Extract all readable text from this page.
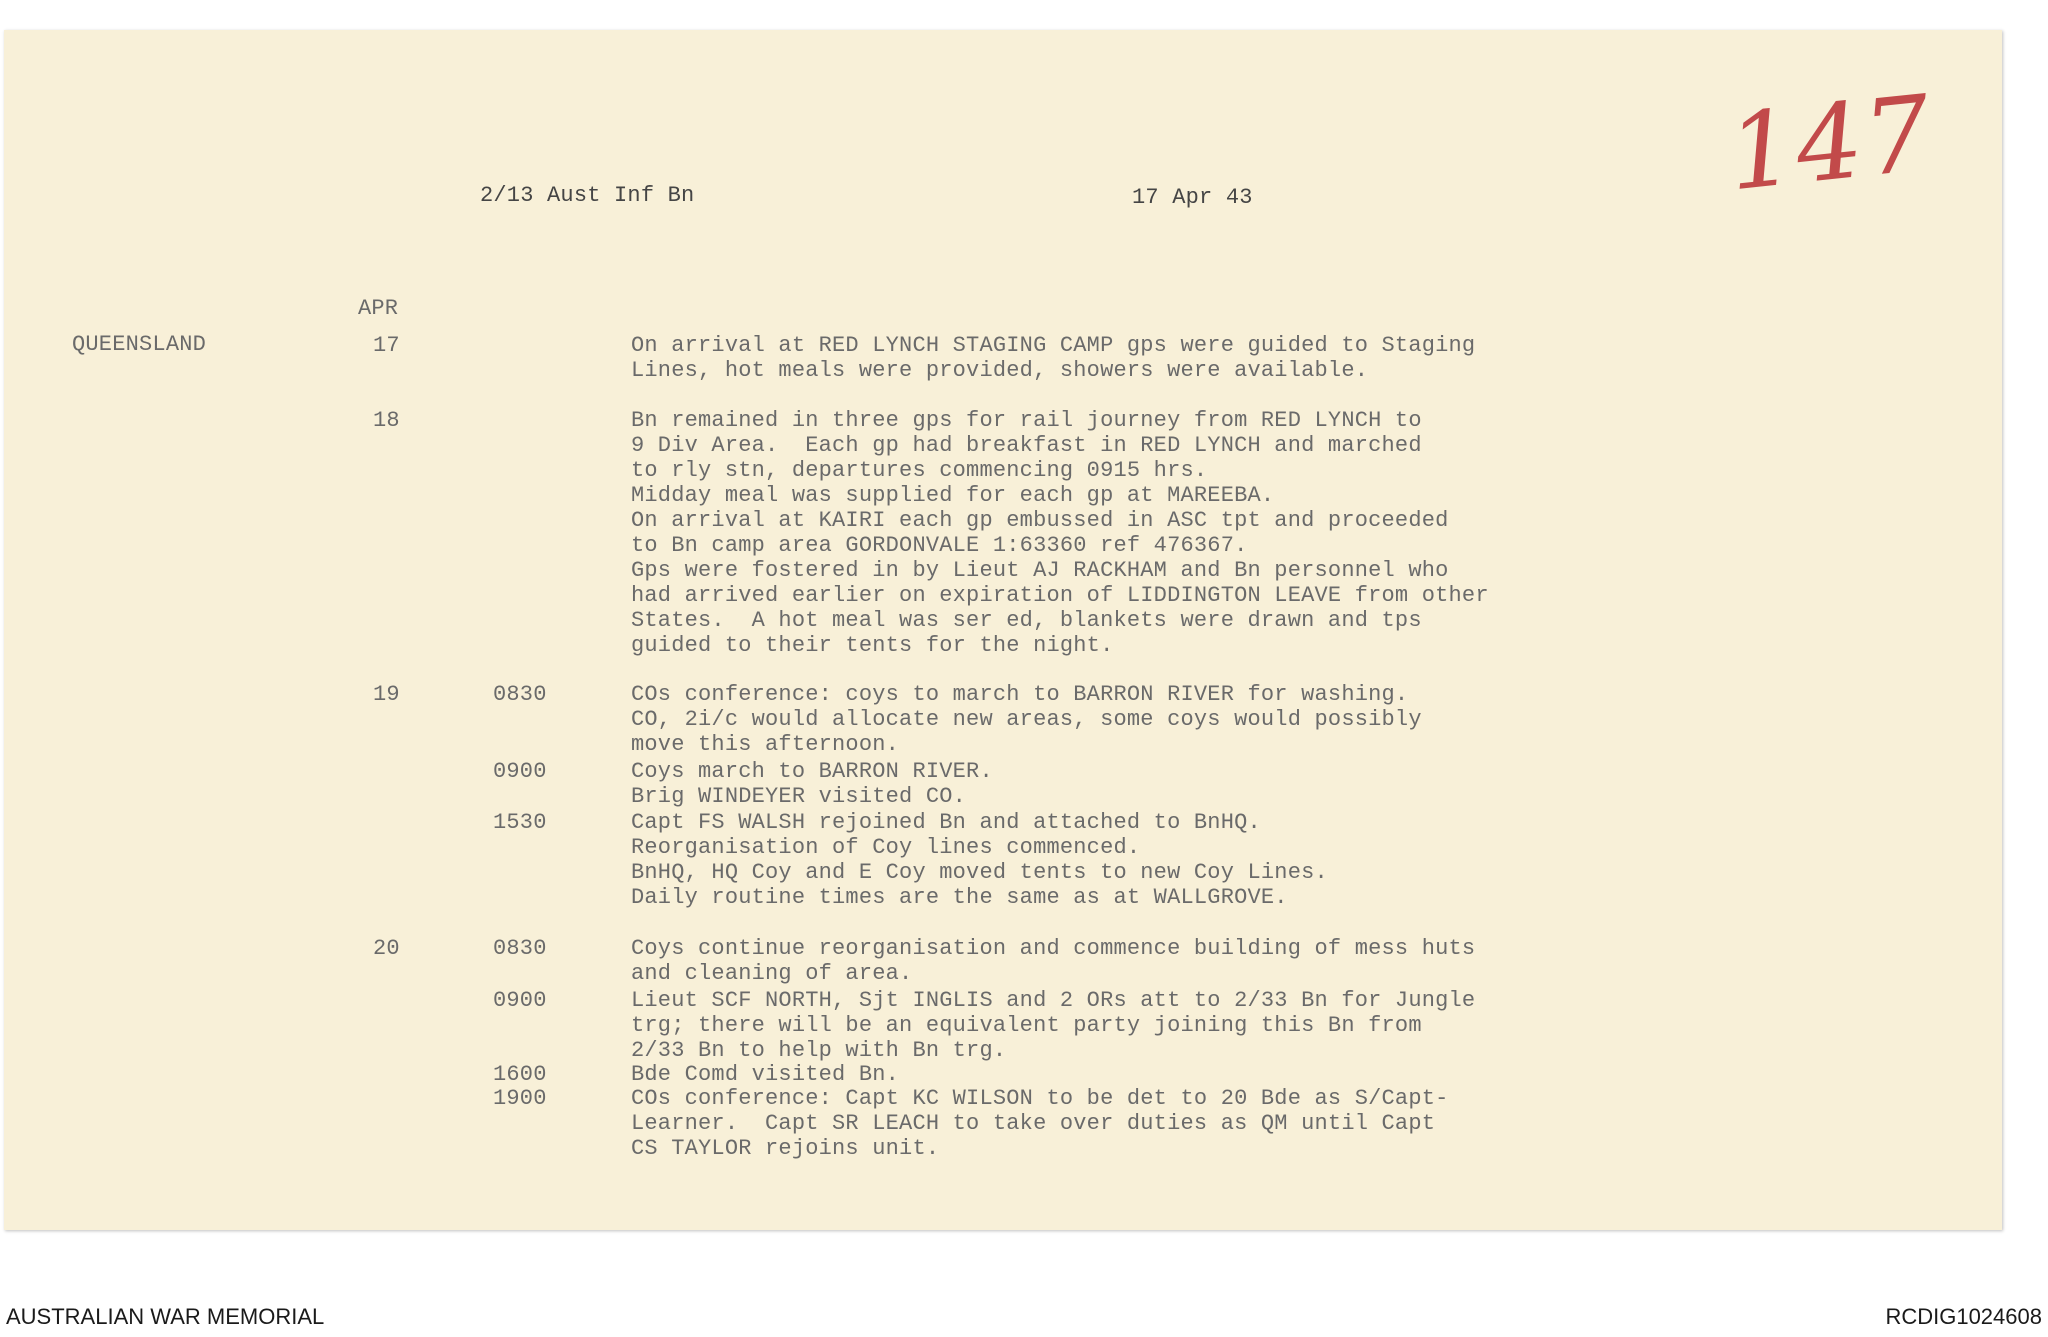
2/13 Aust Inf Bn	17 Apr 43	147
APR
QUEENSLAND	17	On arrival at RED LYNCH STAGING CAMP gps were guided to Staging
Lines, hot meals were provided, showers were available.
18	Bn remained in three gps for rail journey from RED LYNCH to
9 Div Area.  Each gp had breakfast in RED LYNCH and marched
to rly stn, departures commencing 0915 hrs.
Midday meal was supplied for each gp at MAREEBA.
On arrival at KAIRI each gp embussed in ASC tpt and proceeded
to Bn camp area GORDONVALE 1:63360 ref 476367.
Gps were fostered in by Lieut AJ RACKHAM and Bn personnel who
had arrived earlier on expiration of LIDDINGTON LEAVE from other
States.  A hot meal was ser ed, blankets were drawn and tps
guided to their tents for the night.
19	0830	COs conference: coys to march to BARRON RIVER for washing.
CO, 2i/c would allocate new areas, some coys would possibly
move this afternoon.
0900	Coys march to BARRON RIVER.
Brig WINDEYER visited CO.
1530	Capt FS WALSH rejoined Bn and attached to BnHQ.
Reorganisation of Coy lines commenced.
BnHQ, HQ Coy and E Coy moved tents to new Coy Lines.
Daily routine times are the same as at WALLGROVE.
20	0830	Coys continue reorganisation and commence building of mess huts
and cleaning of area.
0900	Lieut SCF NORTH, Sjt INGLIS and 2 ORs att to 2/33 Bn for Jungle
trg; there will be an equivalent party joining this Bn from
2/33 Bn to help with Bn trg.
1600	Bde Comd visited Bn.
1900	COs conference: Capt KC WILSON to be det to 20 Bde as S/Capt-
Learner.  Capt SR LEACH to take over duties as QM until Capt
CS TAYLOR rejoins unit.
AUSTRALIAN WAR MEMORIAL	RCDIG1024608
